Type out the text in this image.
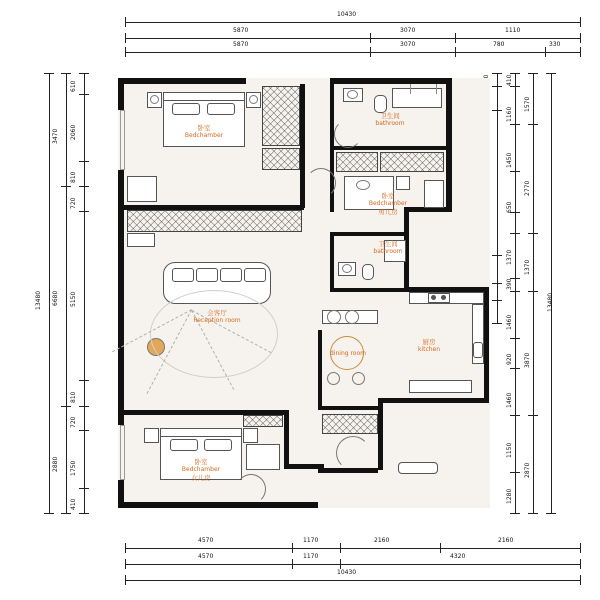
10430
5870	3070	1110
5870	3070	780	330
13480
3470
6680
2880
610
2060
810
720
5150
810
720
1750
410
410
1160
1450
650
1370
390
1460
920
1460
1150
1280
1570
2770
1370
3870
2870
13480
4570	1170	2160	2160
4570	1170	4320
10430
卧室
Bedchamber
卫生间
bathroom
卧室
Bedchamber
男儿房
卫生间
bathroom
会客厅
Reception room
dining room
厨房
kitchen
卧室
Bedchamber
女儿房
